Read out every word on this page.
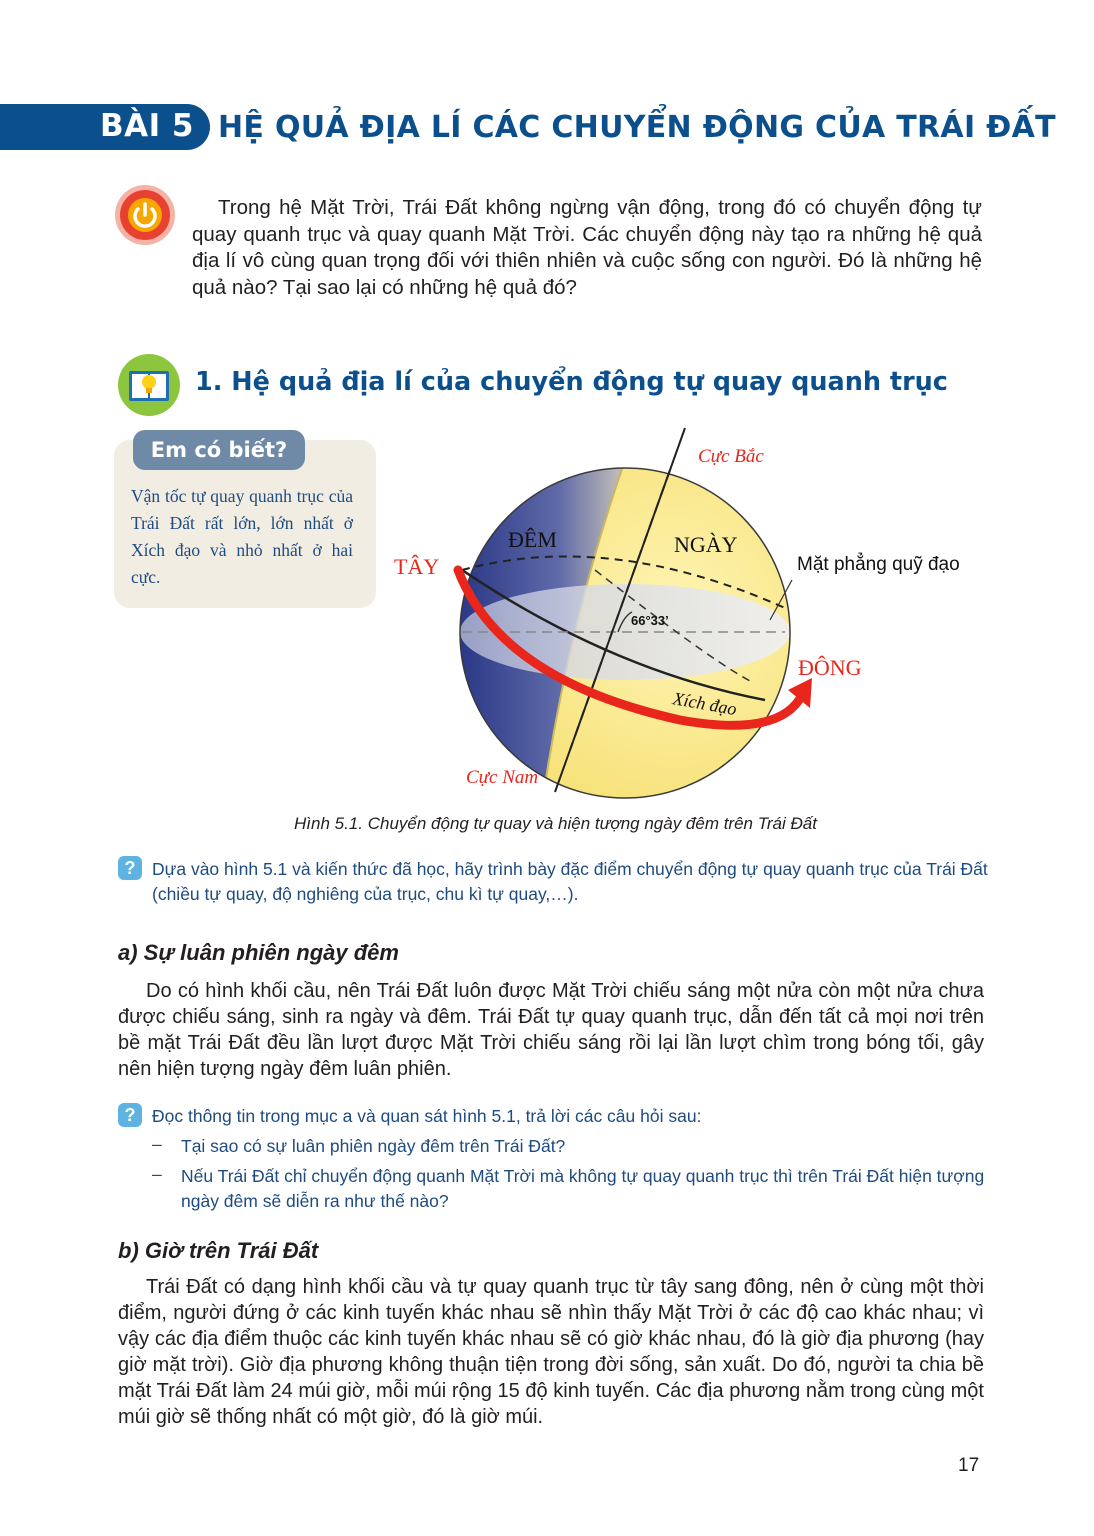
BÀI 5 HỆ QUẢ ĐỊA LÍ CÁC CHUYỂN ĐỘNG CỦA TRÁI ĐẤT
Trong hệ Mặt Trời, Trái Đất không ngừng vận động, trong đó có chuyển động tự quay quanh trục và quay quanh Mặt Trời. Các chuyển động này tạo ra những hệ quả địa lí vô cùng quan trọng đối với thiên nhiên và cuộc sống con người. Đó là những hệ quả nào? Tại sao lại có những hệ quả đó?
1. Hệ quả địa lí của chuyển động tự quay quanh trục
Em có biết?
Vận tốc tự quay quanh trục của Trái Đất rất lớn, lớn nhất ở Xích đạo và nhỏ nhất ở hai cực.
Cực Bắc
Cực Nam
ĐÊM	NGÀY
TÂY
ĐÔNG
Mặt phẳng quỹ đạo
66°33’
Xích đạo
Hình 5.1. Chuyển động tự quay và hiện tượng ngày đêm trên Trái Đất
? Dựa vào hình 5.1 và kiến thức đã học, hãy trình bày đặc điểm chuyển động tự quay quanh trục của Trái Đất (chiều tự quay, độ nghiêng của trục, chu kì tự quay,…).
a) Sự luân phiên ngày đêm
Do có hình khối cầu, nên Trái Đất luôn được Mặt Trời chiếu sáng một nửa còn một nửa chưa được chiếu sáng, sinh ra ngày và đêm. Trái Đất tự quay quanh trục, dẫn đến tất cả mọi nơi trên bề mặt Trái Đất đều lần lượt được Mặt Trời chiếu sáng rồi lại lần lượt chìm trong bóng tối, gây nên hiện tượng ngày đêm luân phiên.
? Đọc thông tin trong mục a và quan sát hình 5.1, trả lời các câu hỏi sau:
– Tại sao có sự luân phiên ngày đêm trên Trái Đất?
– Nếu Trái Đất chỉ chuyển động quanh Mặt Trời mà không tự quay quanh trục thì trên Trái Đất hiện tượng ngày đêm sẽ diễn ra như thế nào?
b) Giờ trên Trái Đất
Trái Đất có dạng hình khối cầu và tự quay quanh trục từ tây sang đông, nên ở cùng một thời điểm, người đứng ở các kinh tuyến khác nhau sẽ nhìn thấy Mặt Trời ở các độ cao khác nhau; vì vậy các địa điểm thuộc các kinh tuyến khác nhau sẽ có giờ khác nhau, đó là giờ địa phương (hay giờ mặt trời). Giờ địa phương không thuận tiện trong đời sống, sản xuất. Do đó, người ta chia bề mặt Trái Đất làm 24 múi giờ, mỗi múi rộng 15 độ kinh tuyến. Các địa phương nằm trong cùng một múi giờ sẽ thống nhất có một giờ, đó là giờ múi.
17
